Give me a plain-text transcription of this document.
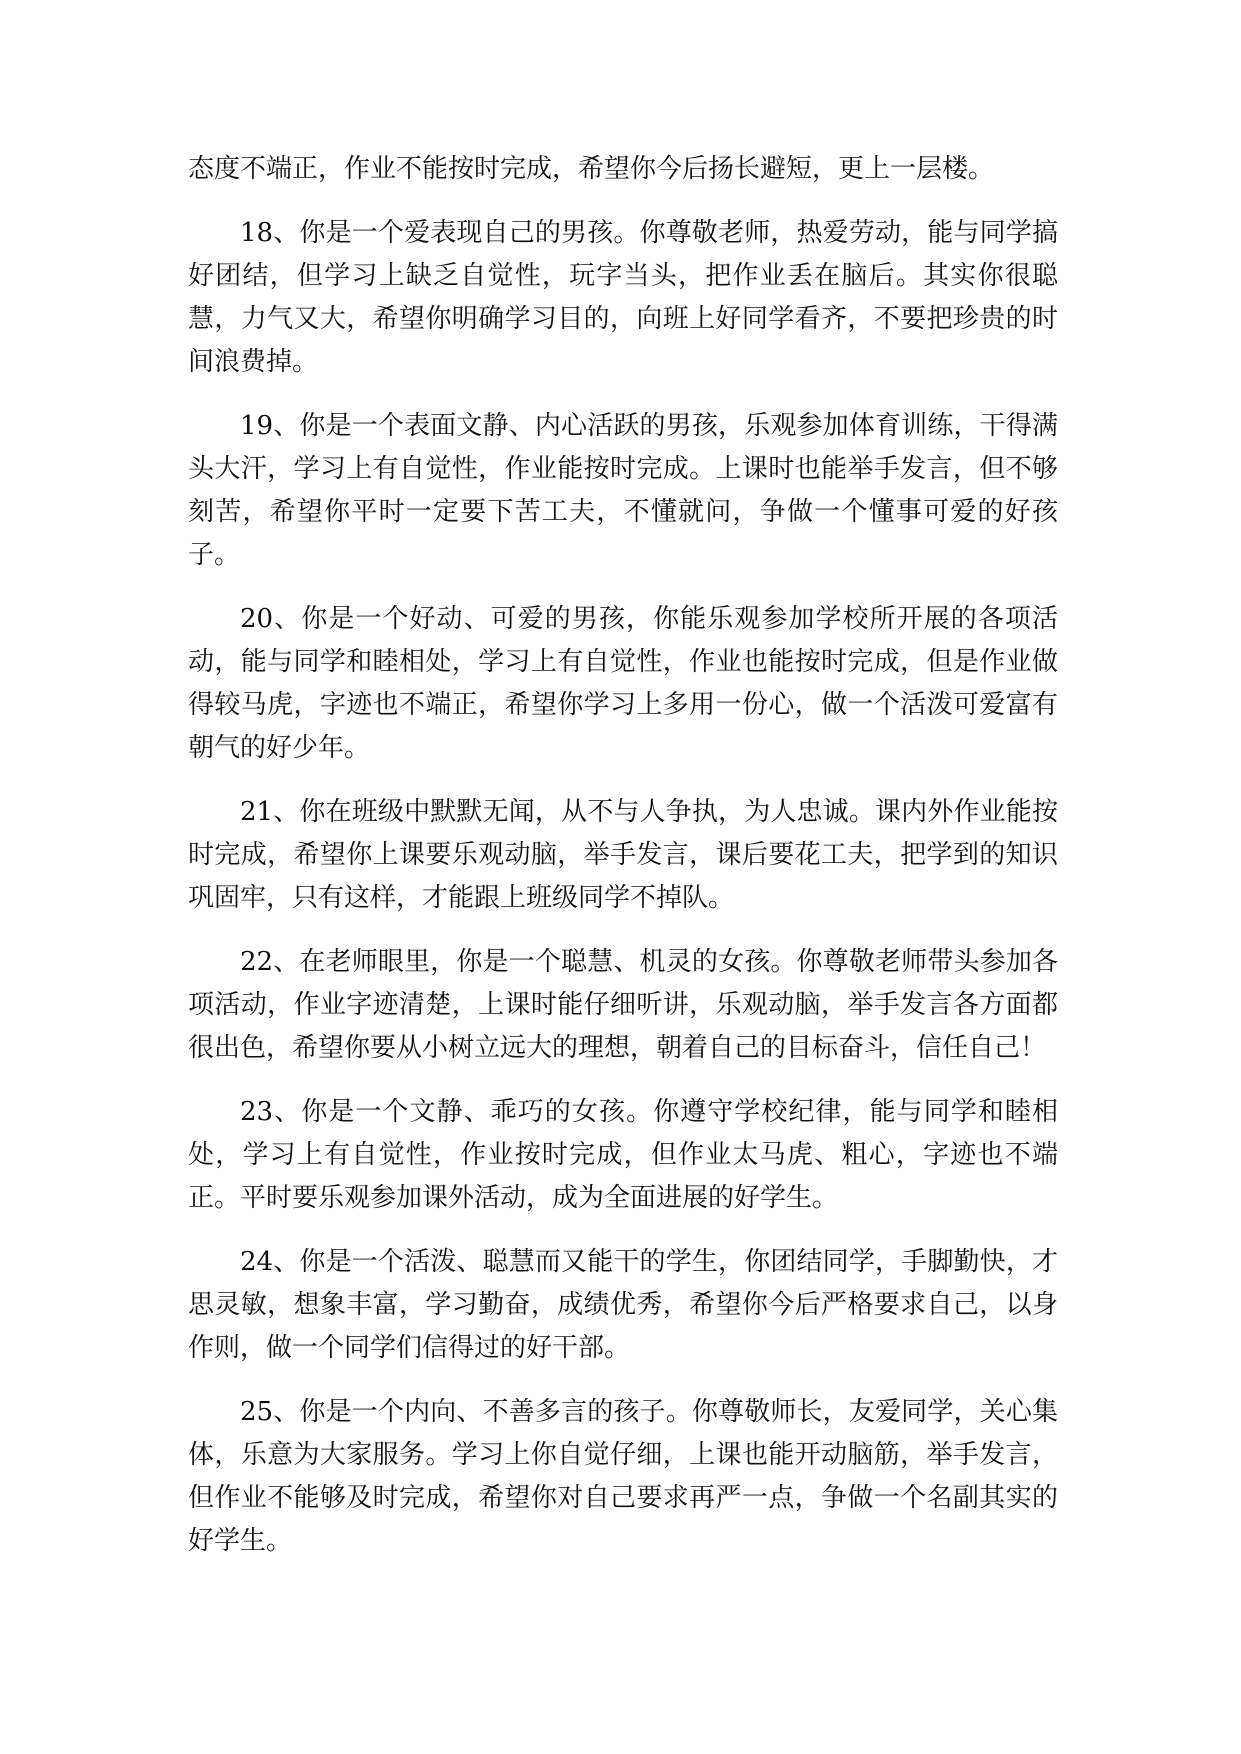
态度不端正，作业不能按时完成，希望你今后扬长避短，更上一层楼。

18、你是一个爱表现自己的男孩。你尊敬老师，热爱劳动，能与同学搞好团结，但学习上缺乏自觉性，玩字当头，把作业丢在脑后。其实你很聪慧，力气又大，希望你明确学习目的，向班上好同学看齐，不要把珍贵的时间浪费掉。

19、你是一个表面文静、内心活跃的男孩，乐观参加体育训练，干得满头大汗，学习上有自觉性，作业能按时完成。上课时也能举手发言，但不够刻苦，希望你平时一定要下苦工夫，不懂就问，争做一个懂事可爱的好孩子。

20、你是一个好动、可爱的男孩，你能乐观参加学校所开展的各项活动，能与同学和睦相处，学习上有自觉性，作业也能按时完成，但是作业做得较马虎，字迹也不端正，希望你学习上多用一份心，做一个活泼可爱富有朝气的好少年。

21、你在班级中默默无闻，从不与人争执，为人忠诚。课内外作业能按时完成，希望你上课要乐观动脑，举手发言，课后要花工夫，把学到的知识巩固牢，只有这样，才能跟上班级同学不掉队。

22、在老师眼里，你是一个聪慧、机灵的女孩。你尊敬老师带头参加各项活动，作业字迹清楚，上课时能仔细听讲，乐观动脑，举手发言各方面都很出色，希望你要从小树立远大的理想，朝着自己的目标奋斗，信任自己！

23、你是一个文静、乖巧的女孩。你遵守学校纪律，能与同学和睦相处，学习上有自觉性，作业按时完成，但作业太马虎、粗心，字迹也不端正。平时要乐观参加课外活动，成为全面进展的好学生。

24、你是一个活泼、聪慧而又能干的学生，你团结同学，手脚勤快，才思灵敏，想象丰富，学习勤奋，成绩优秀，希望你今后严格要求自己，以身作则，做一个同学们信得过的好干部。

25、你是一个内向、不善多言的孩子。你尊敬师长，友爱同学，关心集体，乐意为大家服务。学习上你自觉仔细，上课也能开动脑筋，举手发言，但作业不能够及时完成，希望你对自己要求再严一点，争做一个名副其实的好学生。
